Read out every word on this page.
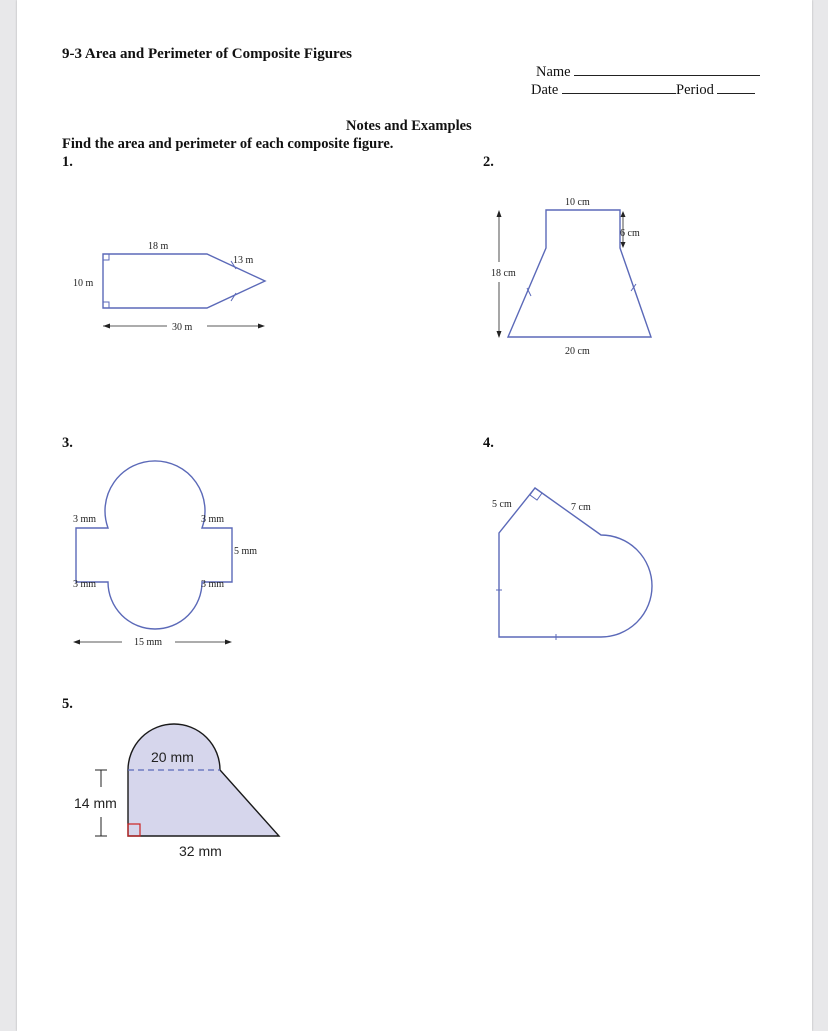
9-3 Area and Perimeter of Composite Figures
Name
Date	Period
Notes and Examples
Find the area and perimeter of each composite figure.
1.	2.
3.	4.
5.
18 m
13 m
10 m
30 m
10 cm
6 cm
18 cm
20 cm
3 mm	3 mm
5 mm
3 mm	3 mm
15 mm
5 cm	7 cm
20 mm
14 mm
32 mm
